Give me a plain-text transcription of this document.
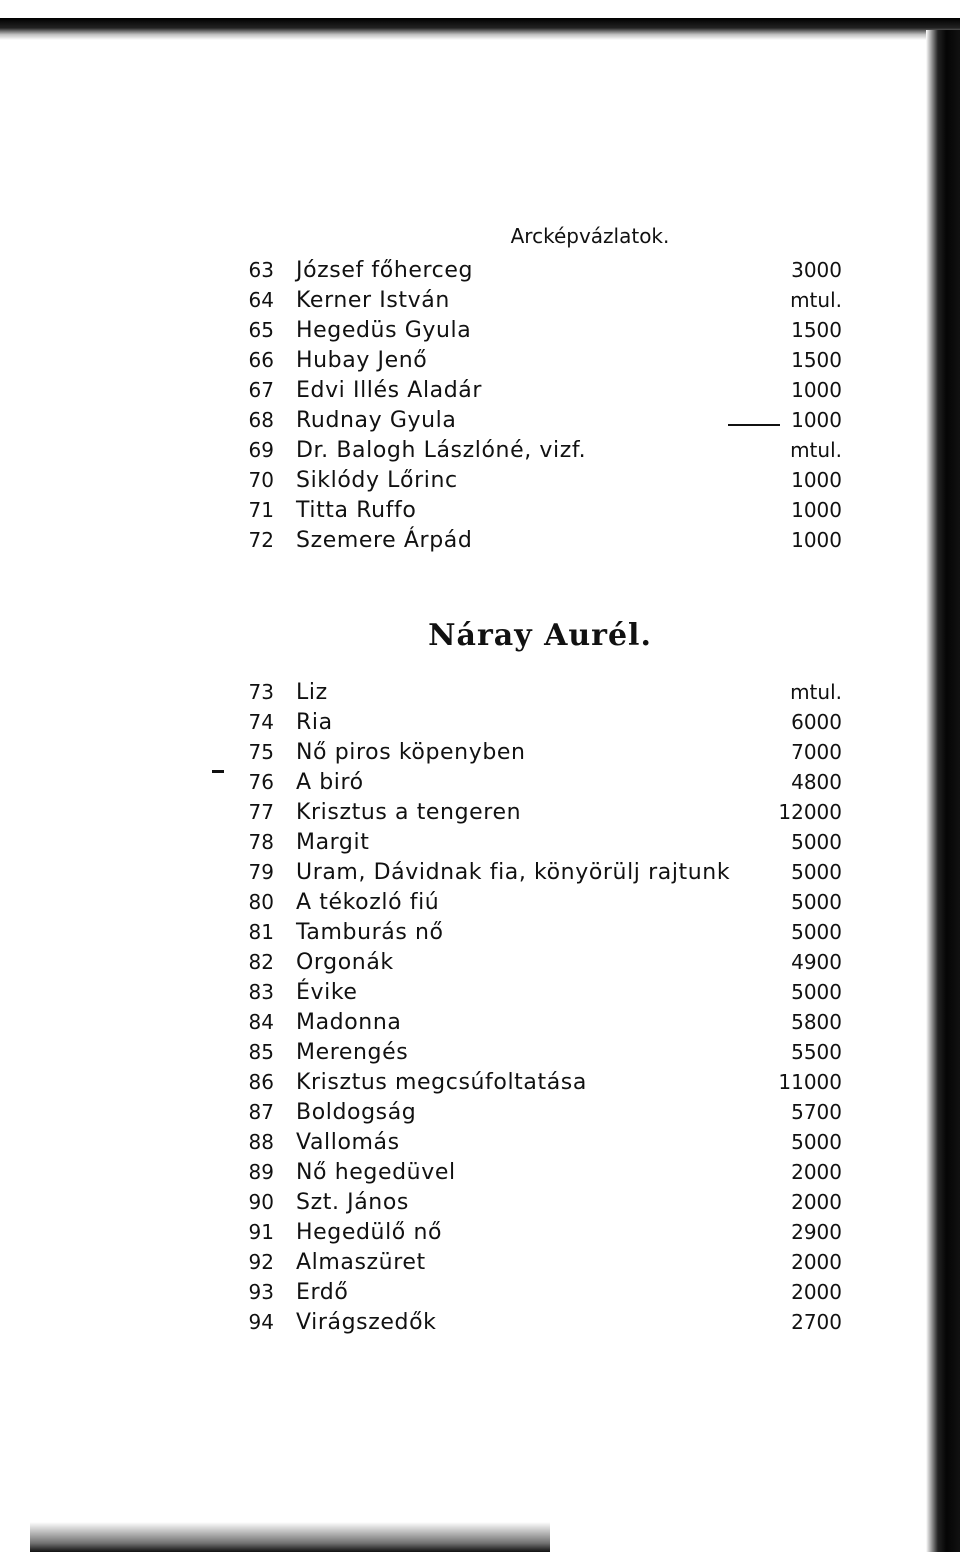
Arcképvázlatok.
63 József főherceg	3000
64 Kerner István	mtul.
65 Hegedüs Gyula	1500
66 Hubay Jenő	1500
67 Edvi Illés Aladár	1000
68 Rudnay Gyula	1000
69 Dr. Balogh Lászlóné, vizf.	mtul.
70 Siklódy Lőrinc	1000
71 Titta Ruffo	1000
72 Szemere Árpád	1000
Náray Aurél.
73 Liz	mtul.
74 Ria	6000
75 Nő piros köpenyben	7000
76 A biró	4800
77 Krisztus a tengeren	12000
78 Margit	5000
79 Uram, Dávidnak fia, könyörülj rajtunk	5000
80 A tékozló fiú	5000
81 Tamburás nő	5000
82 Orgonák	4900
83 Évike	5000
84 Madonna	5800
85 Merengés	5500
86 Krisztus megcsúfoltatása	11000
87 Boldogság	5700
88 Vallomás	5000
89 Nő hegedüvel	2000
90 Szt. János	2000
91 Hegedülő nő	2900
92 Almaszüret	2000
93 Erdő	2000
94 Virágszedők	2700
